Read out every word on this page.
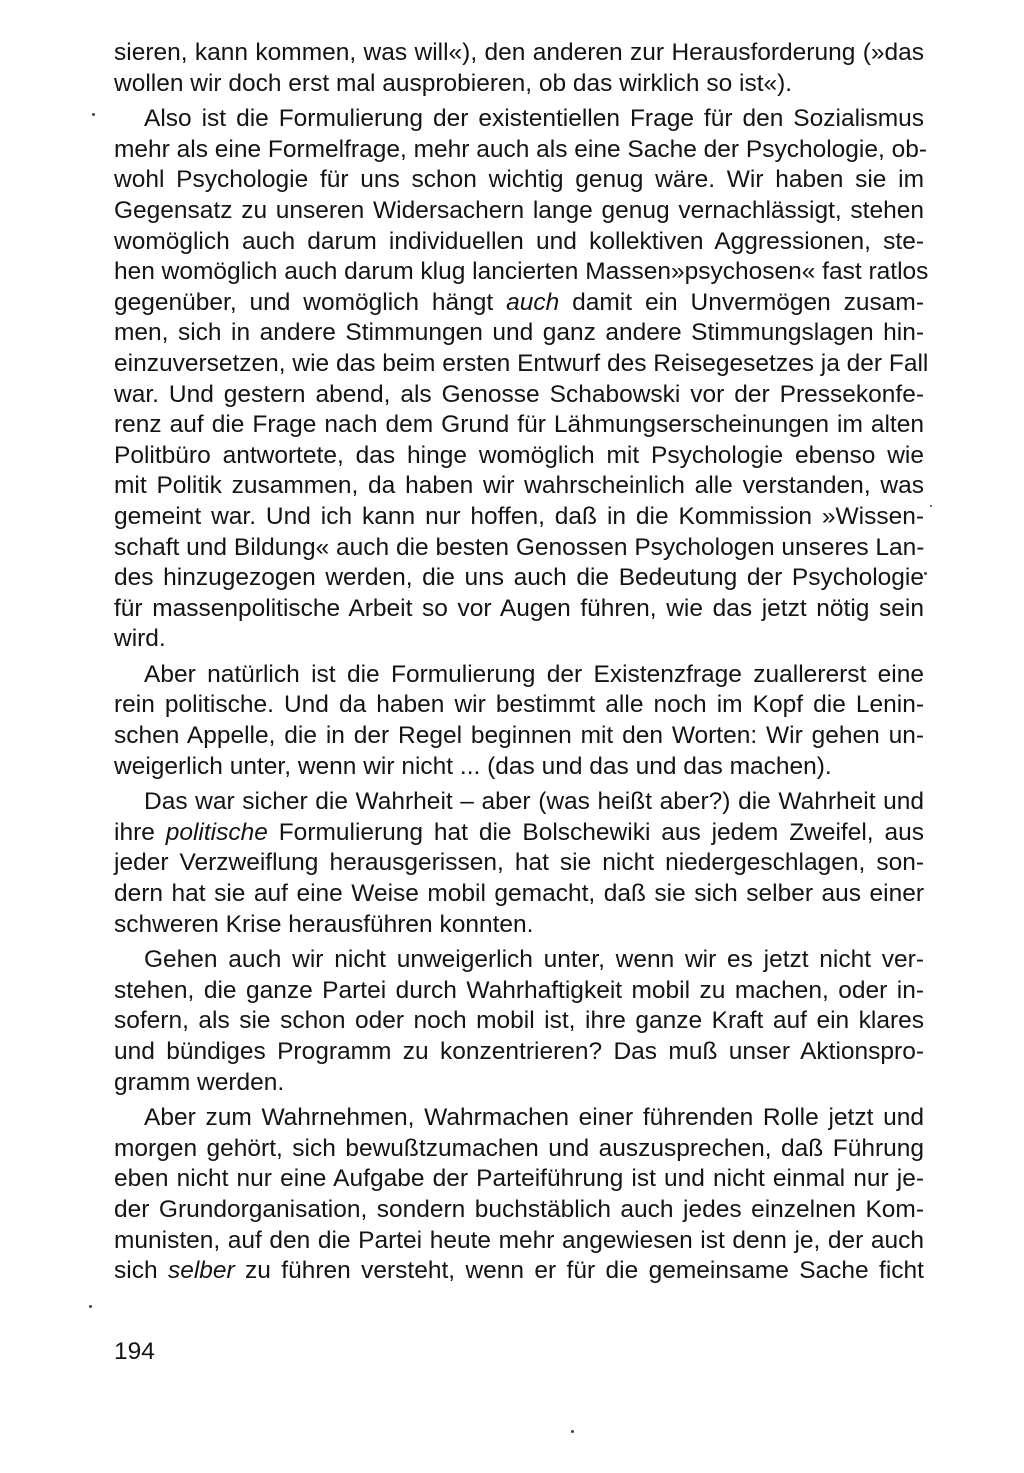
sieren, kann kommen, was will«), den anderen zur Herausforderung (»das
wollen wir doch erst mal ausprobieren, ob das wirklich so ist«).
Also ist die Formulierung der existentiellen Frage für den Sozialismus
mehr als eine Formelfrage, mehr auch als eine Sache der Psychologie, ob-
wohl Psychologie für uns schon wichtig genug wäre. Wir haben sie im
Gegensatz zu unseren Widersachern lange genug vernachlässigt, stehen
womöglich auch darum individuellen und kollektiven Aggressionen, ste-
hen womöglich auch darum klug lancierten Massen»psychosen« fast ratlos
gegenüber, und womöglich hängt auch damit ein Unvermögen zusam-
men, sich in andere Stimmungen und ganz andere Stimmungslagen hin-
einzuversetzen, wie das beim ersten Entwurf des Reisegesetzes ja der Fall
war. Und gestern abend, als Genosse Schabowski vor der Pressekonfe-
renz auf die Frage nach dem Grund für Lähmungserscheinungen im alten
Politbüro antwortete, das hinge womöglich mit Psychologie ebenso wie
mit Politik zusammen, da haben wir wahrscheinlich alle verstanden, was
gemeint war. Und ich kann nur hoffen, daß in die Kommission »Wissen-
schaft und Bildung« auch die besten Genossen Psychologen unseres Lan-
des hinzugezogen werden, die uns auch die Bedeutung der Psychologie
für massenpolitische Arbeit so vor Augen führen, wie das jetzt nötig sein
wird.
Aber natürlich ist die Formulierung der Existenzfrage zuallererst eine
rein politische. Und da haben wir bestimmt alle noch im Kopf die Lenin-
schen Appelle, die in der Regel beginnen mit den Worten: Wir gehen un-
weigerlich unter, wenn wir nicht ... (das und das und das machen).
Das war sicher die Wahrheit – aber (was heißt aber?) die Wahrheit und
ihre politische Formulierung hat die Bolschewiki aus jedem Zweifel, aus
jeder Verzweiflung herausgerissen, hat sie nicht niedergeschlagen, son-
dern hat sie auf eine Weise mobil gemacht, daß sie sich selber aus einer
schweren Krise herausführen konnten.
Gehen auch wir nicht unweigerlich unter, wenn wir es jetzt nicht ver-
stehen, die ganze Partei durch Wahrhaftigkeit mobil zu machen, oder in-
sofern, als sie schon oder noch mobil ist, ihre ganze Kraft auf ein klares
und bündiges Programm zu konzentrieren? Das muß unser Aktionspro-
gramm werden.
Aber zum Wahrnehmen, Wahrmachen einer führenden Rolle jetzt und
morgen gehört, sich bewußtzumachen und auszusprechen, daß Führung
eben nicht nur eine Aufgabe der Parteiführung ist und nicht einmal nur je-
der Grundorganisation, sondern buchstäblich auch jedes einzelnen Kom-
munisten, auf den die Partei heute mehr angewiesen ist denn je, der auch
sich selber zu führen versteht, wenn er für die gemeinsame Sache ficht
194
